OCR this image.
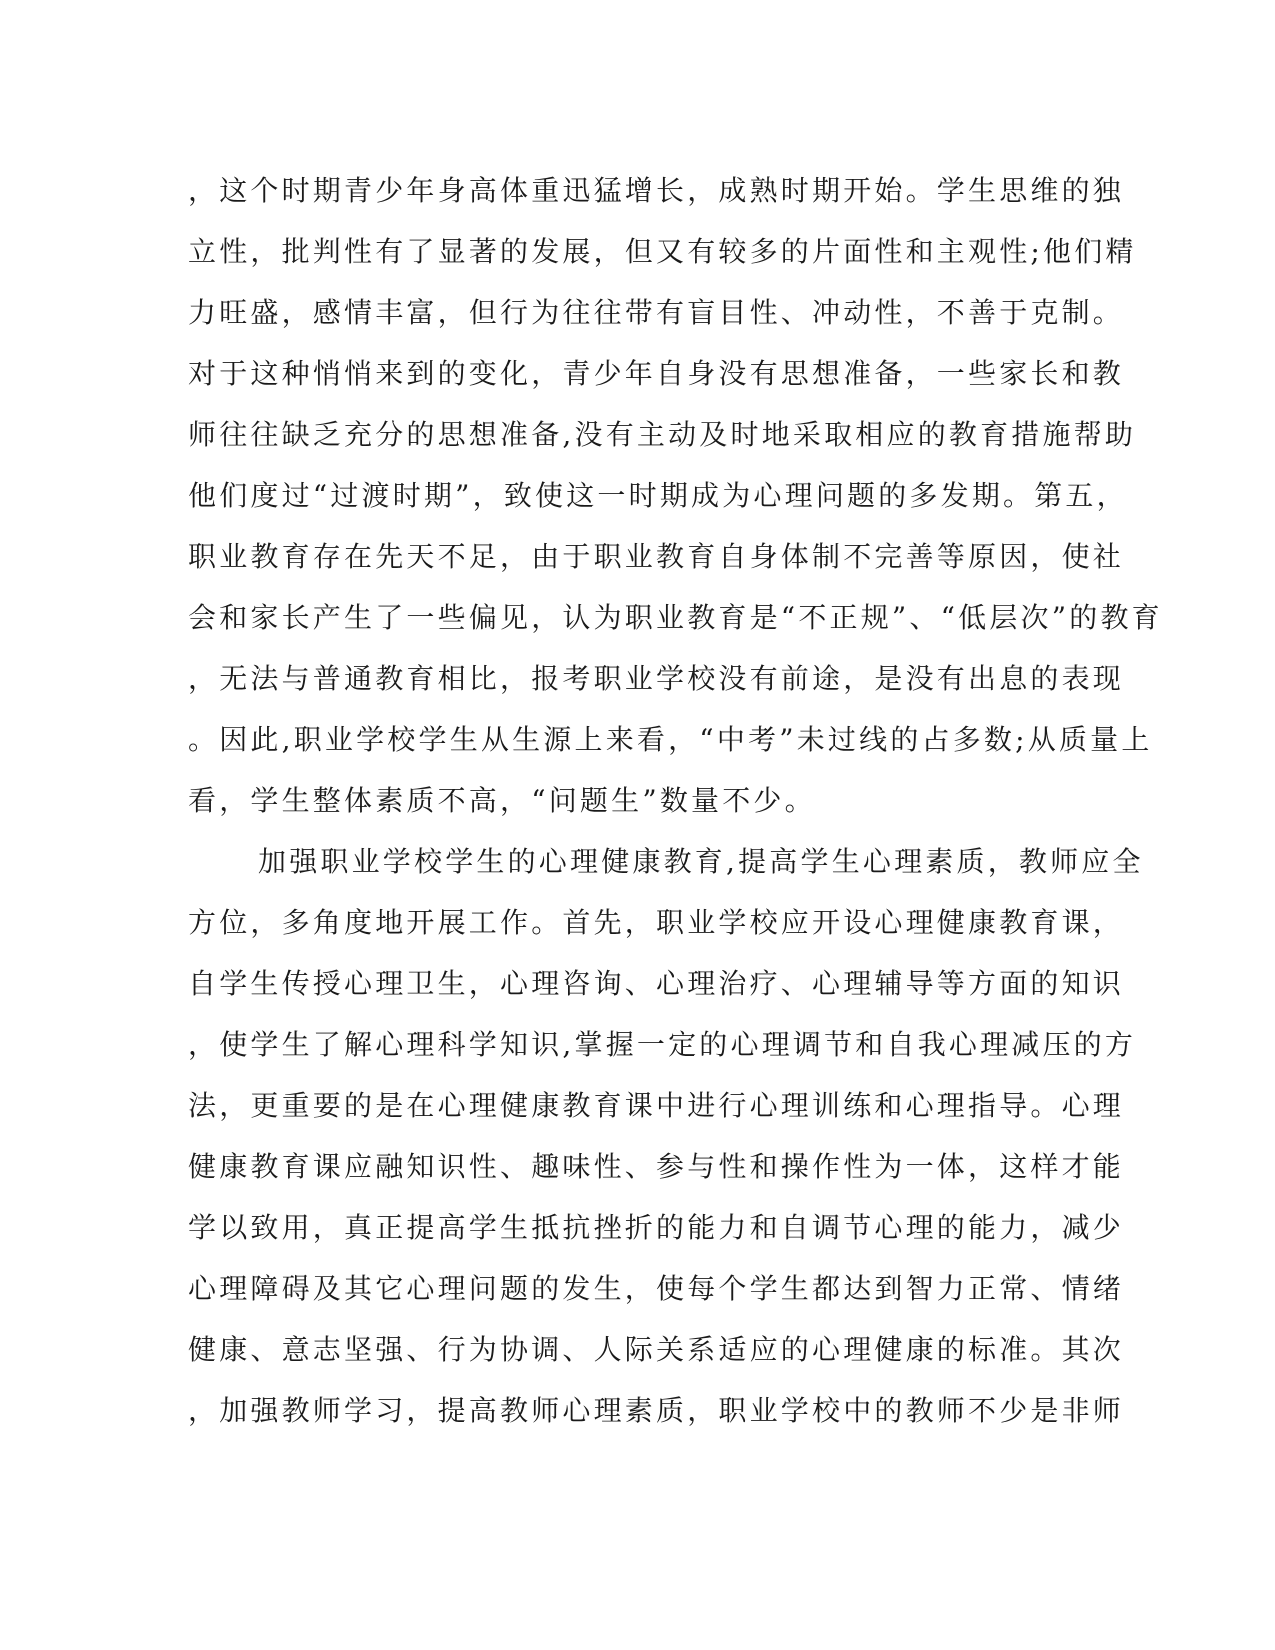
，这个时期青少年身高体重迅猛增长，成熟时期开始。学生思维的独
立性，批判性有了显著的发展，但又有较多的片面性和主观性;他们精
力旺盛，感情丰富，但行为往往带有盲目性、冲动性，不善于克制。
对于这种悄悄来到的变化，青少年自身没有思想准备，一些家长和教
师往往缺乏充分的思想准备,没有主动及时地采取相应的教育措施帮助
他们度过“过渡时期”，致使这一时期成为心理问题的多发期。第五，
职业教育存在先天不足，由于职业教育自身体制不完善等原因，使社
会和家长产生了一些偏见，认为职业教育是“不正规”、“低层次”的教育
，无法与普通教育相比，报考职业学校没有前途，是没有出息的表现
。因此,职业学校学生从生源上来看，“中考”未过线的占多数;从质量上
看，学生整体素质不高，“问题生”数量不少。
加强职业学校学生的心理健康教育,提高学生心理素质，教师应全
方位，多角度地开展工作。首先，职业学校应开设心理健康教育课，
自学生传授心理卫生，心理咨询、心理治疗、心理辅导等方面的知识
，使学生了解心理科学知识,掌握一定的心理调节和自我心理减压的方
法，更重要的是在心理健康教育课中进行心理训练和心理指导。心理
健康教育课应融知识性、趣味性、参与性和操作性为一体，这样才能
学以致用，真正提高学生抵抗挫折的能力和自调节心理的能力，减少
心理障碍及其它心理问题的发生，使每个学生都达到智力正常、情绪
健康、意志坚强、行为协调、人际关系适应的心理健康的标准。其次
，加强教师学习，提高教师心理素质，职业学校中的教师不少是非师
